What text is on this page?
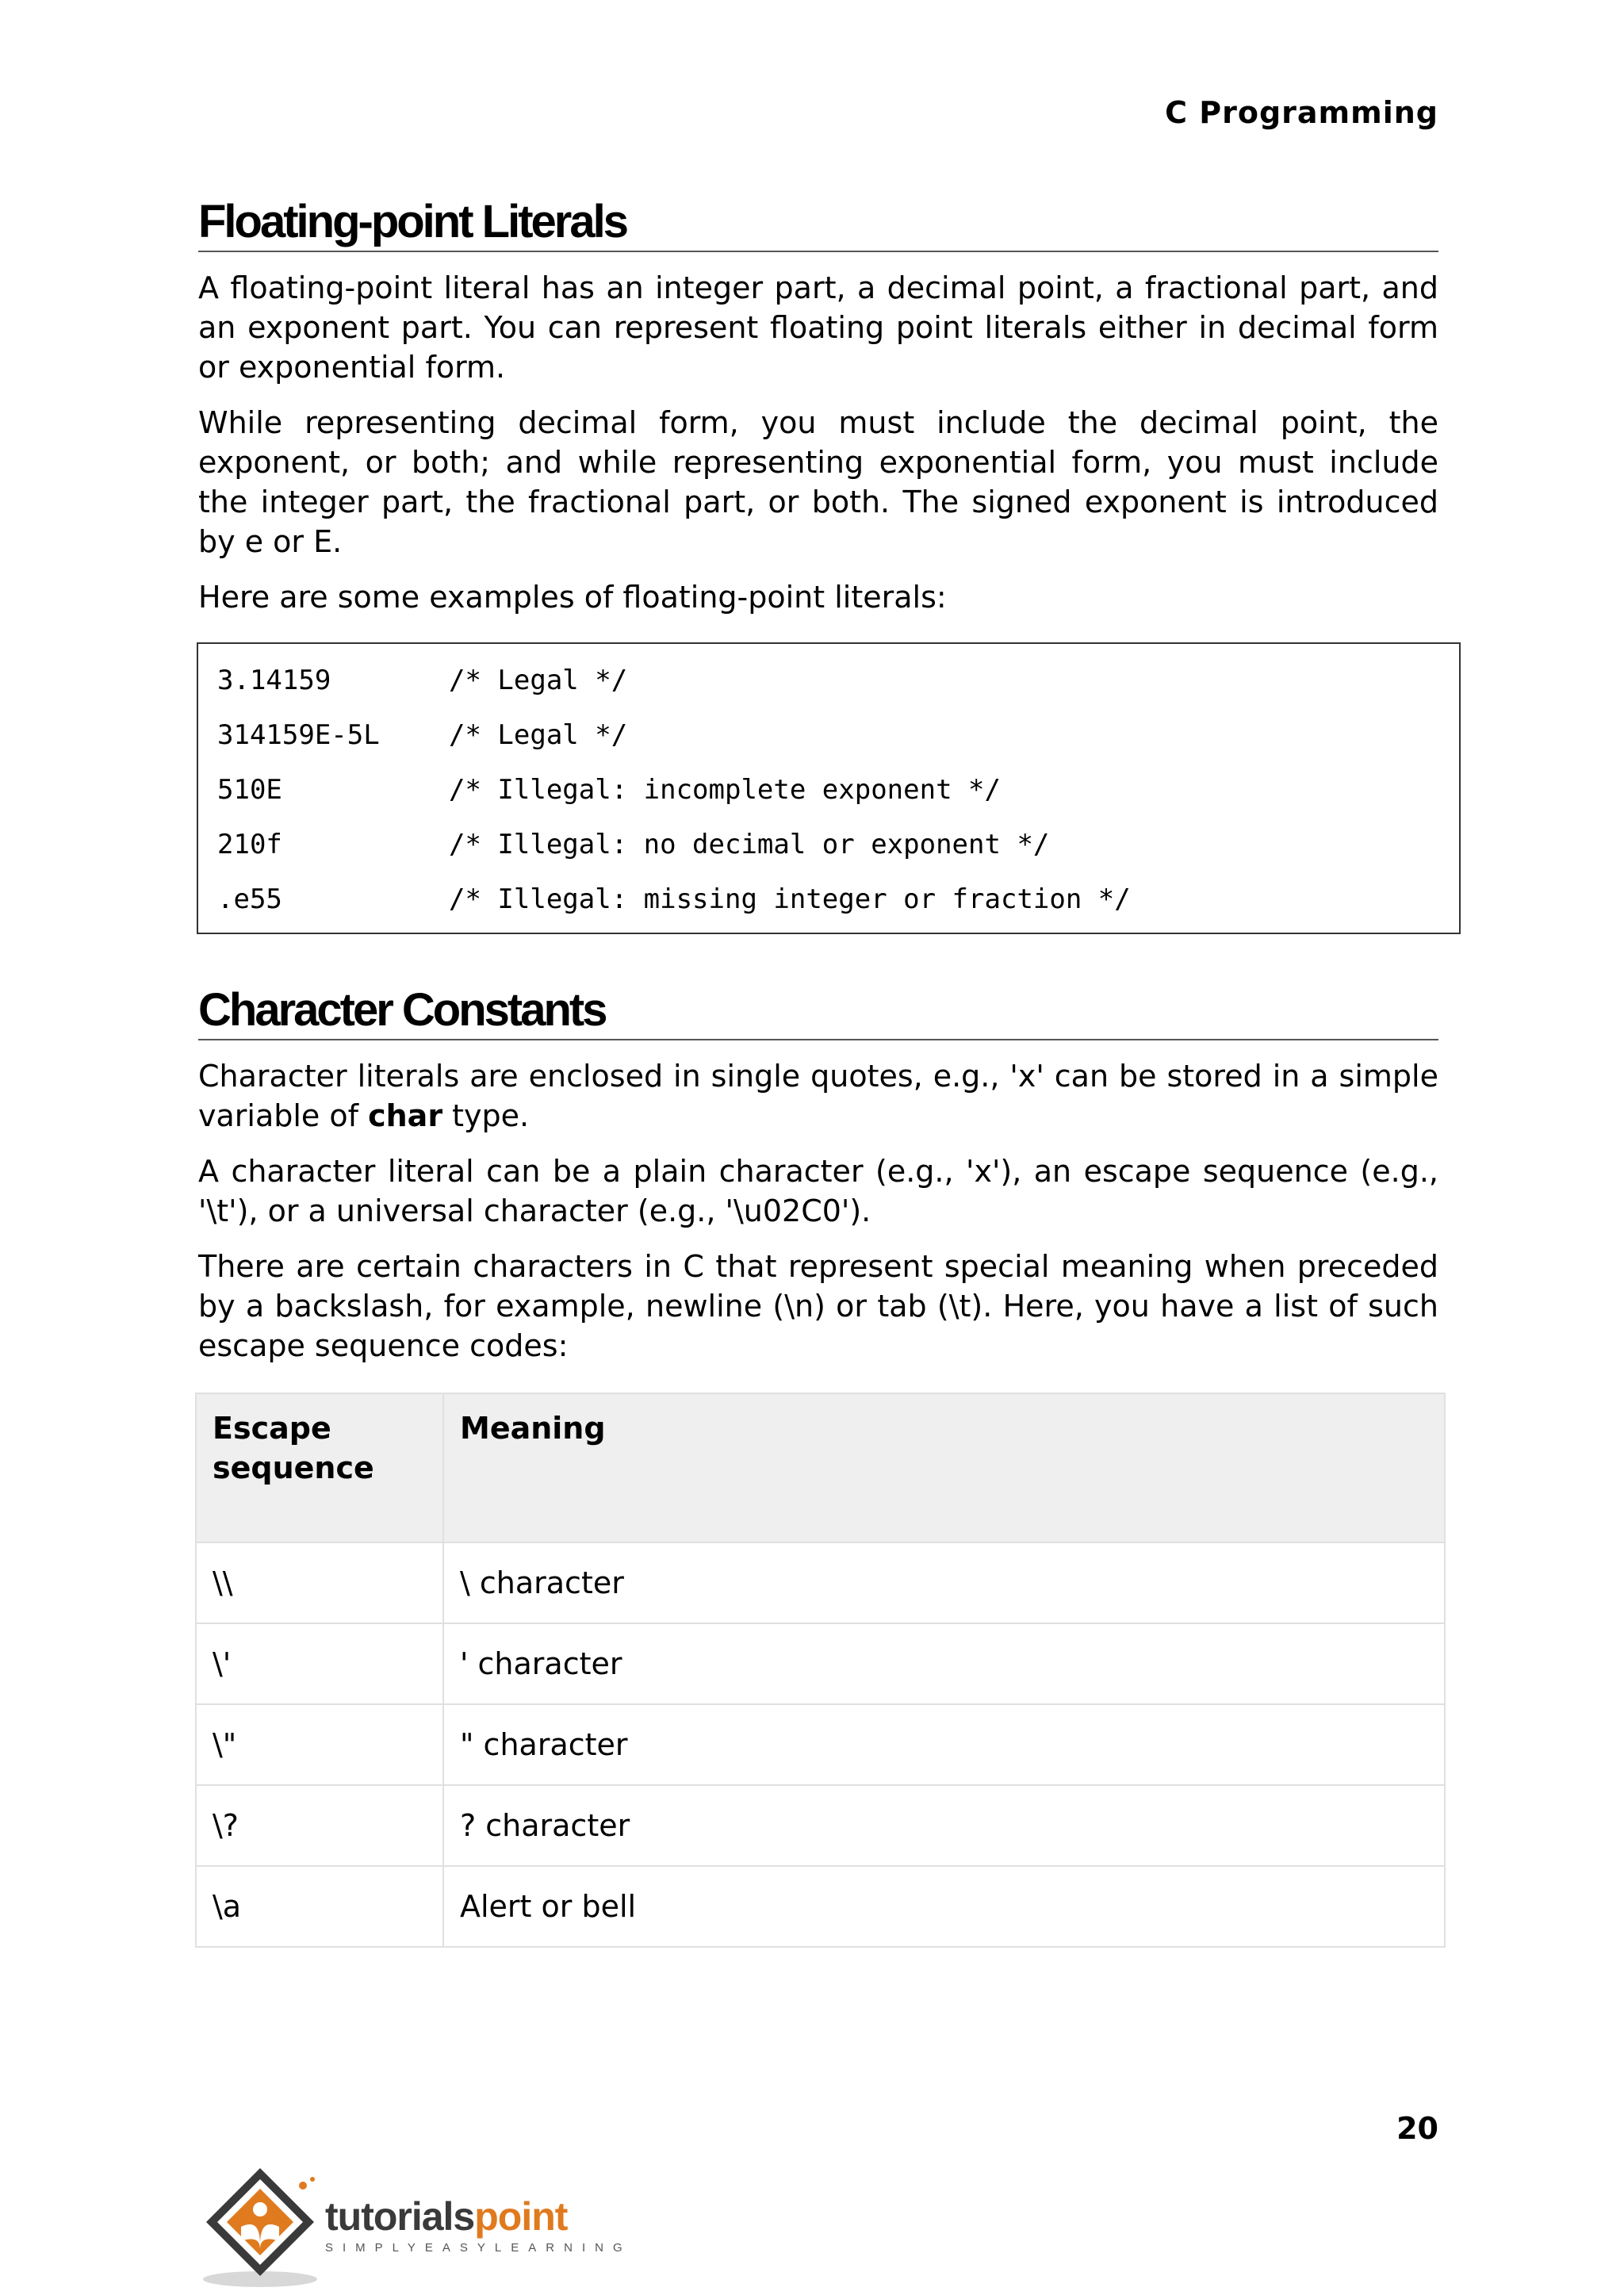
C Programming
Floating-point Literals

A floating-point literal has an integer part, a decimal point, a fractional part, and an exponent part. You can represent floating point literals either in decimal form or exponential form.

While representing decimal form, you must include the decimal point, the exponent, or both; and while representing exponential form, you must include the integer part, the fractional part, or both. The signed exponent is introduced by e or E.

Here are some examples of floating-point literals:

3.14159	/* Legal */
314159E-5L	/* Legal */
510E	/* Illegal: incomplete exponent */
210f	/* Illegal: no decimal or exponent */
.e55	/* Illegal: missing integer or fraction */
Character Constants

Character literals are enclosed in single quotes, e.g., 'x' can be stored in a simple variable of char type.

A character literal can be a plain character (e.g., 'x'), an escape sequence (e.g., '\t'), or a universal character (e.g., '\u02C0').

There are certain characters in C that represent special meaning when preceded by a backslash, for example, newline (\n) or tab (\t). Here, you have a list of such escape sequence codes:

Escape sequence	Meaning
\\	\ character
\'	' character
\"	" character
\?	? character
\a	Alert or bell
20
tutorialspoint
SIMPLYEASYLEARNING
